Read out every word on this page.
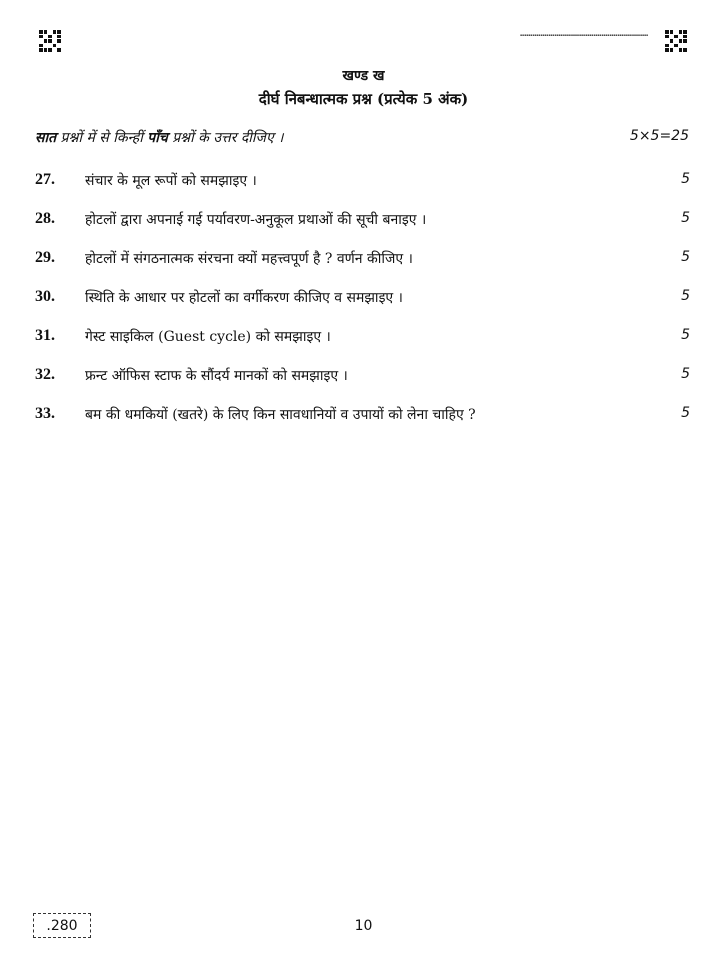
▪▪▪▪▪▪▪▪▪▪▪▪▪▪▪▪▪▪▪▪▪▪▪▪▪▪▪▪▪▪▪▪▪▪▪▪▪▪▪▪▪▪▪▪▪▪▪▪▪▪▪▪▪▪▪▪▪▪▪▪▪▪▪
खण्ड ख
दीर्घ निबन्धात्मक प्रश्न (प्रत्येक 5 अंक)
सात प्रश्नों में से किन्हीं पाँच प्रश्नों के उत्तर दीजिए ।	5×5=25
27. संचार के मूल रूपों को समझाइए ।	5
28. होटलों द्वारा अपनाई गई पर्यावरण-अनुकूल प्रथाओं की सूची बनाइए ।	5
29. होटलों में संगठनात्मक संरचना क्यों महत्त्वपूर्ण है ? वर्णन कीजिए ।	5
30. स्थिति के आधार पर होटलों का वर्गीकरण कीजिए व समझाइए ।	5
31. गेस्ट साइकिल (Guest cycle) को समझाइए ।	5
32. फ्रन्ट ऑफिस स्टाफ के सौंदर्य मानकों को समझाइए ।	5
33. बम की धमकियों (खतरे) के लिए किन सावधानियों व उपायों को लेना चाहिए ?	5
.280	10
